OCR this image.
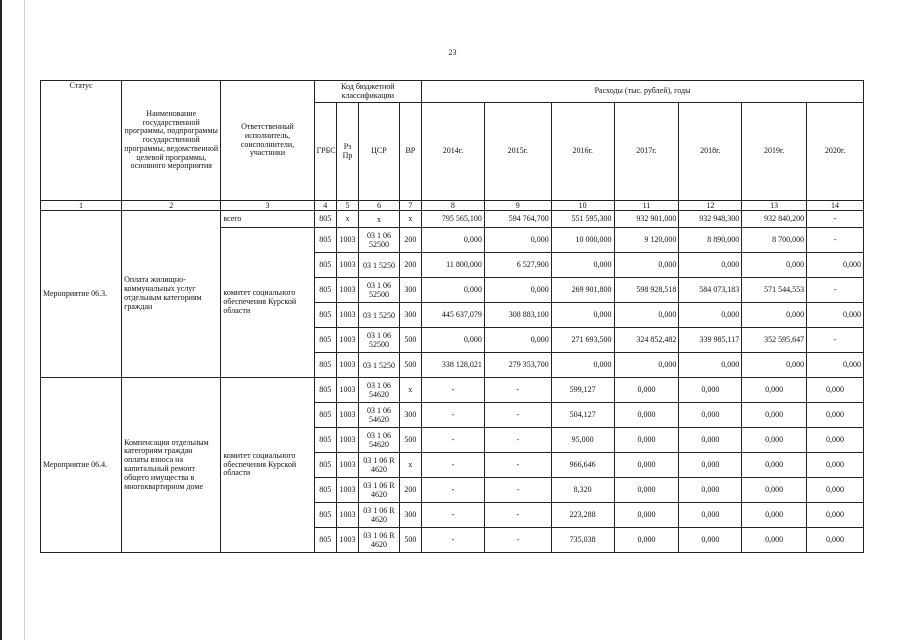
23
Статус	Наименование государственной программы, подпрограммы государственной программы, ведомственной целевой программы, основного мероприятия	Ответственный исполнитель, соисполнители, участники	Код бюджетной классификации				Расходы (тыс. рублей), годы						
			ГРБС	Рз Пр	ЦСР	ВР	2014г.	2015г.	2016г.	2017г.	2018г.	2019г.	2020г.
1	2	3	4	5	6	7	8	9	10	11	12	13	14
Мероприятие 06.3.	Оплата жилищно-коммунальных услуг отдельным категориям граждан	всего	805	x	x	x	795 565,100	594 764,700	551 595,300	932 901,000	932 948,300	932 840,200	-
		комитет социального обеспечения Курской области	805	1003	03 1 06 52500	200	0,000	0,000	10 000,000	9 120,000	8 890,000	8 700,000	-
			805	1003	03 1 5250	200	11 800,000	6 527,900	0,000	0,000	0,000	0,000	0,000
			805	1003	03 1 06 52500	300	0,000	0,000	269 901,800	598 928,518	584 073,183	571 544,553	-
			805	1003	03 1 5250	300	445 637,079	308 883,100	0,000	0,000	0,000	0,000	0,000
			805	1003	03 1 06 52500	500	0,000	0,000	271 693,500	324 852,482	339 985,117	352 595,647	-
			805	1003	03 1 5250	500	338 128,021	279 353,700	0,000	0,000	0,000	0,000	0,000
Мероприятие 06.4.	Компенсация отдельным категориям граждан оплаты взноса на капитальный ремонт общего имущества в многоквартирном доме	комитет социального обеспечения Курской области	805	1003	03 1 06 54620	x	-	-	599,127	0,000	0,000	0,000	0,000
			805	1003	03 1 06 54620	300	-	-	504,127	0,000	0,000	0,000	0,000
			805	1003	03 1 06 54620	500	-	-	95,000	0,000	0,000	0,000	0,000
			805	1003	03 1 06 R 4620	x	-	-	966,646	0,000	0,000	0,000	0,000
			805	1003	03 1 06 R 4620	200	-	-	8,320	0,000	0,000	0,000	0,000
			805	1003	03 1 06 R 4620	300	-	-	223,288	0,000	0,000	0,000	0,000
			805	1003	03 1 06 R 4620	500	-	-	735,038	0,000	0,000	0,000	0,000
